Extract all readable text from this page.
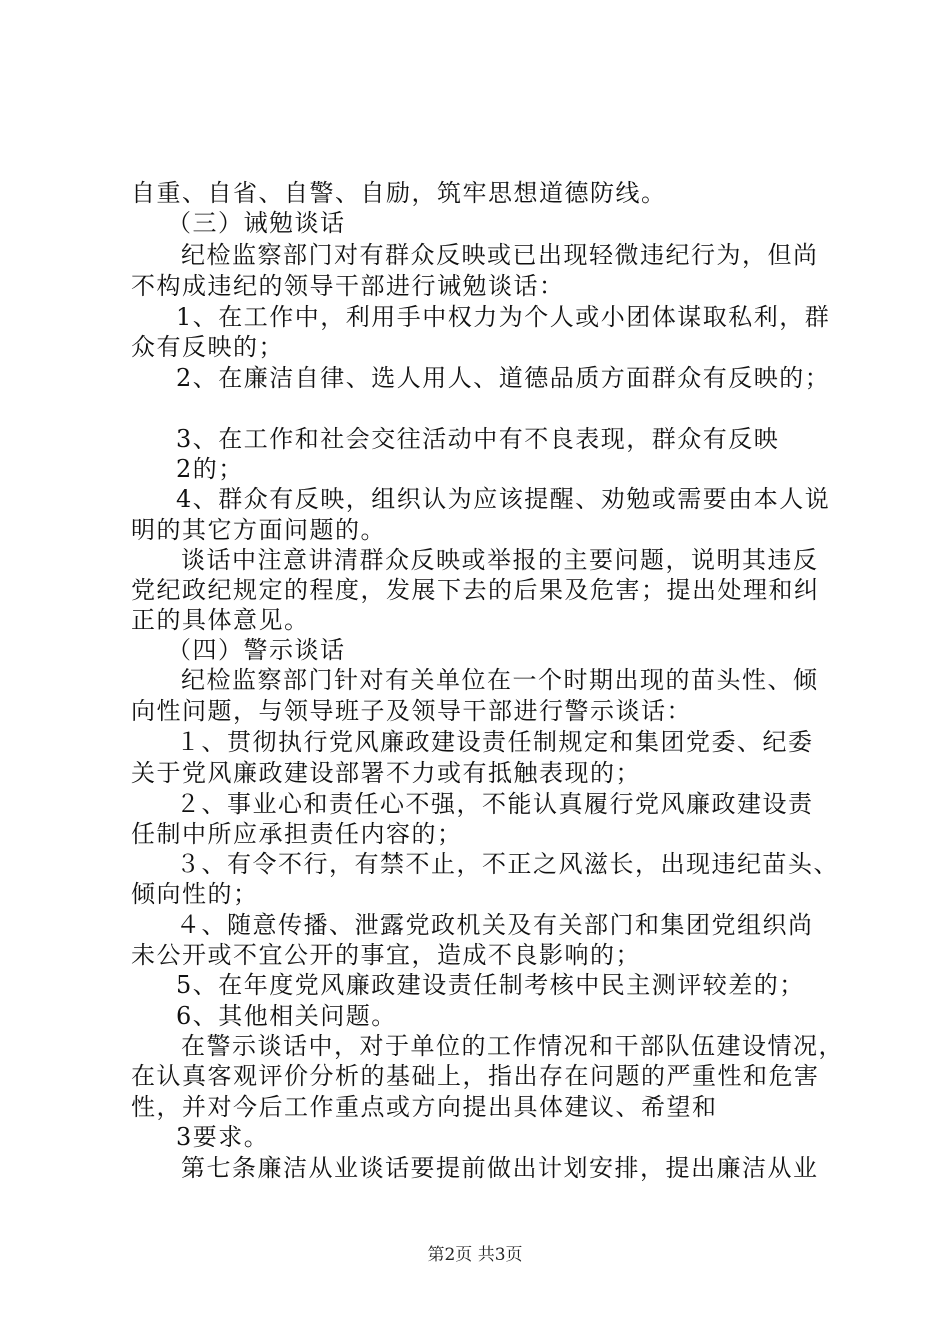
自重、自省、自警、自励，筑牢思想道德防线。
（三）诫勉谈话
纪检监察部门对有群众反映或已出现轻微违纪行为，但尚
不构成违纪的领导干部进行诫勉谈话：
1、在工作中，利用手中权力为个人或小团体谋取私利，群
众有反映的；
2、在廉洁自律、选人用人、道德品质方面群众有反映的；
3、在工作和社会交往活动中有不良表现，群众有反映
2的；
4、群众有反映，组织认为应该提醒、劝勉或需要由本人说
明的其它方面问题的。
谈话中注意讲清群众反映或举报的主要问题，说明其违反
党纪政纪规定的程度，发展下去的后果及危害；提出处理和纠
正的具体意见。
（四）警示谈话
纪检监察部门针对有关单位在一个时期出现的苗头性、倾
向性问题，与领导班子及领导干部进行警示谈话：
１、贯彻执行党风廉政建设责任制规定和集团党委、纪委
关于党风廉政建设部署不力或有抵触表现的；
２、事业心和责任心不强，不能认真履行党风廉政建设责
任制中所应承担责任内容的；
３、有令不行，有禁不止，不正之风滋长，出现违纪苗头、
倾向性的；
４、随意传播、泄露党政机关及有关部门和集团党组织尚
未公开或不宜公开的事宜，造成不良影响的；
5、在年度党风廉政建设责任制考核中民主测评较差的；
6、其他相关问题。
在警示谈话中，对于单位的工作情况和干部队伍建设情况，
在认真客观评价分析的基础上，指出存在问题的严重性和危害
性，并对今后工作重点或方向提出具体建议、希望和
3要求。
第七条廉洁从业谈话要提前做出计划安排，提出廉洁从业
第2页 共3页
